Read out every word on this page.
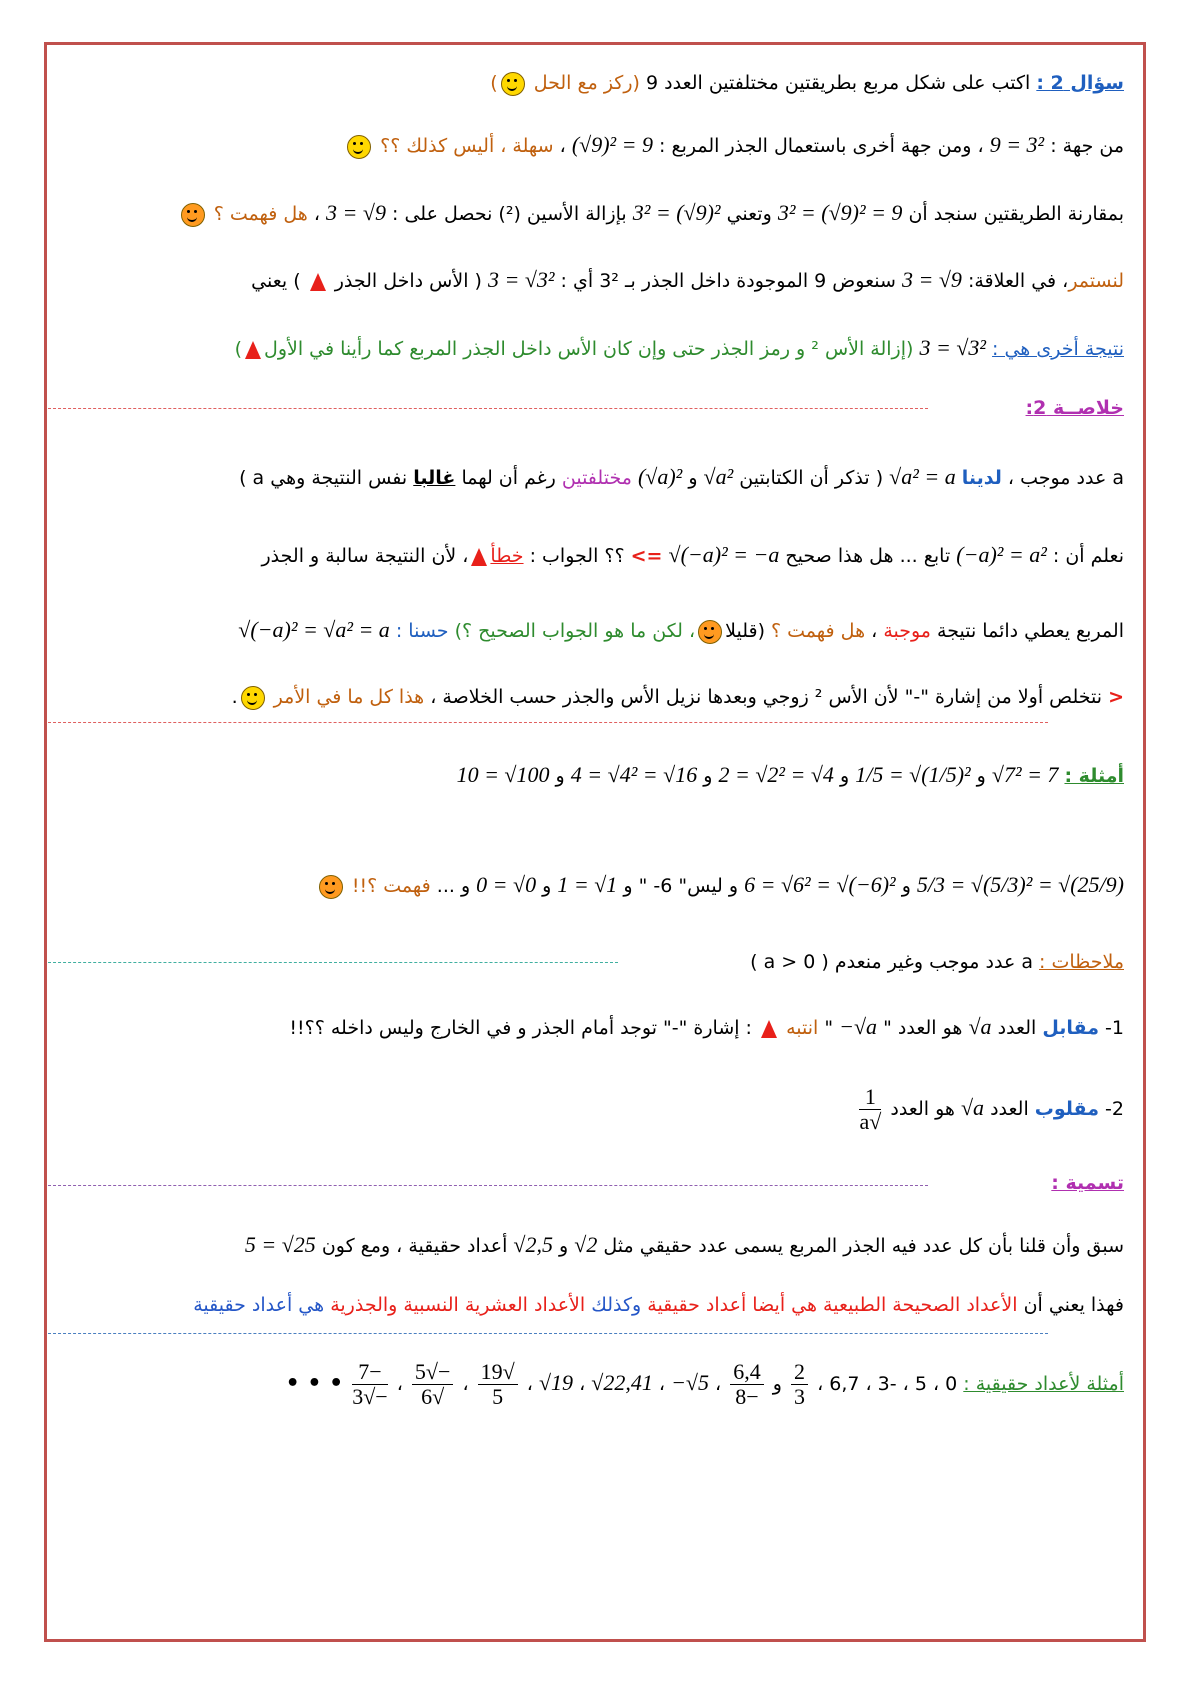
سؤال 2 : اكتب على شكل مربع بطريقتين مختلفتين العدد 9 (ركز مع الحل )
من جهة : 9 = 3² ، ومن جهة أخرى باستعمال الجذر المربع : (√9)² = 9 ، سهلة ، أليس كذلك ؟؟
بمقارنة الطريقتين سنجد أن 3² = (√9)² = 9 وتعني 3² = (√9)² بإزالة الأسين (²) نحصل على : 3 = √9 ، هل فهمت ؟
لنستمر، في العلاقة: 3 = √9 سنعوض 9 الموجودة داخل الجذر بـ 3² أي : 3 = √3² ( الأس داخل الجذر  ) يعني
نتيجة أخرى هي : 3 = √3² (إزالة الأس ² و رمز الجذر حتى وإن كان الأس داخل الجذر المربع كما رأينا في الأول)
خلاصــة 2:
a عدد موجب ، لدينا √a² = a ( تذكر أن الكتابتين √a² و (√a)² مختلفتين رغم أن لهما غالبا نفس النتيجة وهي a )
نعلم أن : (−a)² = a² تابع ... هل هذا صحيح <= √(−a)² = −a ؟؟ الجواب : خطأ، لأن النتيجة سالبة و الجذر
المربع يعطي دائما نتيجة موجبة ، هل فهمت ؟ (قليلا، لكن ما هو الجواب الصحيح ؟) حسنا : √(−a)² = √a² = a
< نتخلص أولا من إشارة "-" لأن الأس ² زوجي وبعدها نزيل الأس والجذر حسب الخلاصة ، هذا كل ما في الأمر .
أمثلة : √7² = 7 و 1/5 = √(1/5)² و 2 = √2² = √4 و 4 = √4² = √16 و 10 = √100
5/3 = √(5/3)² = √(25/9) و 6 = √6² = √(−6)² و ليس" 6- " و 1 = √1 و 0 = √0 و ... فهمت ؟!!
ملاحظات : a عدد موجب وغير منعدم ( a > 0 )
1- مقابل العدد √a هو العدد " −√a " انتبه  : إشارة "-" توجد أمام الجذر و في الخارج وليس داخله ؟؟!!
2- مقلوب العدد √a هو العدد
$\frac{1}{√a}$
تسمية :
سبق وأن قلنا بأن كل عدد فيه الجذر المربع يسمى عدد حقيقي مثل √2 و √2,5 أعداد حقيقية ، ومع كون 5 = √25
فهذا يعني أن الأعداد الصحيحة الطبيعية هي أيضا أعداد حقيقية وكذلك الأعداد العشرية النسبية والجذرية هي أعداد حقيقية
أمثلة لأعداد حقيقية : 0 ، 5 ، -3 ، 6,7 ،
$\frac{2}{3}$
و
$\frac{6,4}{-8}$
، √19 ، √22,41 ، −√5 ،
$\frac{√19}{5}$
،
$\frac{-√5}{√6}$
،
$\frac{-7}{-√3}$
• • •
